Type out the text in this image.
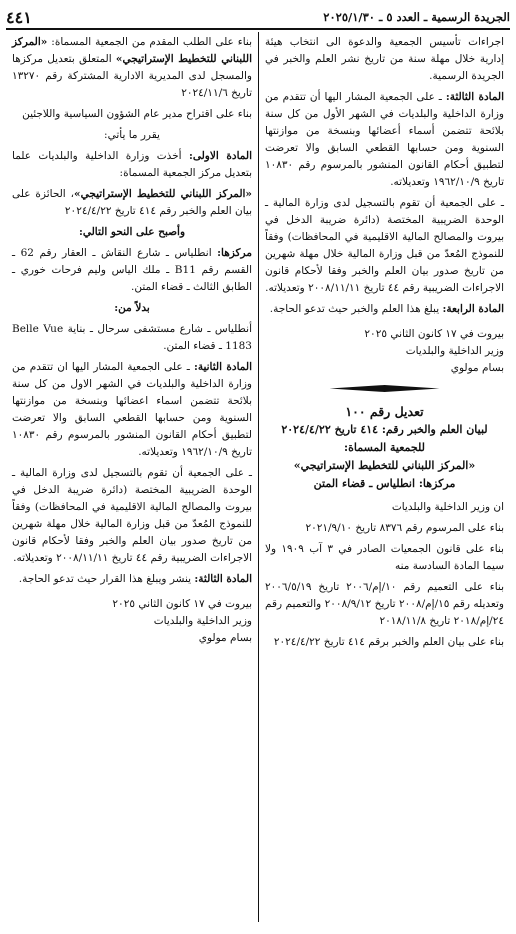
الجريدة الرسمية ـ العدد ٥ ـ ٢٠٢٥/١/٣٠
٤٤١

اجراءات تأسيس الجمعية والدعوة الى انتخاب هيئة إدارية خلال مهلة سنة من تاريخ نشر العلم والخبر في الجريدة الرسمية.

المادة الثالثة: ـ على الجمعية المشار اليها أن تتقدم من وزارة الداخلية والبلديات في الشهر الأول من كل سنة بلائحة تتضمن أسماء أعضائها وبنسخة من موازنتها السنوية ومن حسابها القطعي السابق والا تعرضت لتطبيق أحكام القانون المنشور بالمرسوم رقم ١٠٨٣٠ تاريخ ١٩٦٢/١٠/٩ وتعديلاته.

ـ على الجمعية أن تقوم بالتسجيل لدى وزارة المالية ـ الوحدة الضريبية المختصة (دائرة ضريبة الدخل في بيروت والمصالح المالية الاقليمية في المحافظات) وفقاً للنموذج المُعدّ من قبل وزارة المالية خلال مهلة شهرين من تاريخ صدور بيان العلم والخبر وفقا لأحكام قانون الاجراءات الضريبية رقم ٤٤ تاريخ ٢٠٠٨/١١/١١ وتعديلاته.

المادة الرابعة: يبلغ هذا العلم والخبر حيث تدعو الحاجة.

بيروت في ١٧ كانون الثاني ٢٠٢٥

وزير الداخلية والبلديات

بسام مولوي

تعديل رقم ١٠٠

لبيان العلم والخبر رقم: ٤١٤ تاريخ ٢٠٢٤/٤/٢٢

للجمعية المسماة:

«المركز اللبناني للتخطيط الإستراتيجي»

مركزها: انطلياس ـ قضاء المتن

ان وزير الداخلية والبلديات

بناء على المرسوم رقم ٨٣٧٦ تاريخ ٢٠٢١/٩/١٠

بناء على قانون الجمعيات الصادر في ٣ آب ١٩٠٩ ولا سيما المادة السادسة منه

بناء على التعميم رقم ١٠/إم/٢٠٠٦ تاريخ ٢٠٠٦/٥/١٩ وتعديله رقم ١٥/إم/٢٠٠٨ تاريخ ٢٠٠٨/٩/١٢ والتعميم رقم ٢٤/إم/٢٠١٨ تاريخ ٢٠١٨/١١/٨

بناء على بيان العلم والخبر برقم ٤١٤ تاريخ ٢٠٢٤/٤/٢٢

بناء على الطلب المقدم من الجمعية المسماة: «المركز اللبناني للتخطيط الإستراتيجي» المتعلق بتعديل مركزها والمسجل لدى المديرية الادارية المشتركة رقم ١٣٢٧٠ تاريخ ٢٠٢٤/١١/٦

بناء على اقتراح مدير عام الشؤون السياسية واللاجئين

يقرر ما يأتي:

المادة الاولى: أخذت وزارة الداخلية والبلديات علما بتعديل مركز الجمعية المسماة:

«المركز اللبناني للتخطيط الإستراتيجي»، الحائزة على بيان العلم والخبر رقم ٤١٤ تاريخ ٢٠٢٤/٤/٢٢

وأصبح على النحو التالي:

مركزها: انطلياس ـ شارع النقاش ـ العقار رقم 62 ـ القسم رقم B11 ـ ملك الياس وليم فرحات خوري ـ الطابق الثالث ـ قضاء المتن.

بدلاً من:

أنطلياس ـ شارع مستشفى سرحال ـ بناية Belle Vue 1183 ـ قضاء المتن.

المادة الثانية: ـ على الجمعية المشار اليها ان تتقدم من وزارة الداخلية والبلديات في الشهر الاول من كل سنة بلائحة تتضمن اسماء اعضائها وبنسخة من موازنتها السنوية ومن حسابها القطعي السابق والا تعرضت لتطبيق أحكام القانون المنشور بالمرسوم رقم ١٠٨٣٠ تاريخ ١٩٦٢/١٠/٩ وتعديلاته.

ـ على الجمعية أن تقوم بالتسجيل لدى وزارة المالية ـ الوحدة الضريبية المختصة (دائرة ضريبة الدخل في بيروت والمصالح المالية الاقليمية في المحافظات) وفقاً للنموذج المُعدّ من قبل وزارة المالية خلال مهلة شهرين من تاريخ صدور بيان العلم والخبر وفقا لأحكام قانون الاجراءات الضريبية رقم ٤٤ تاريخ ٢٠٠٨/١١/١١ وتعديلاته.

المادة الثالثة: ينشر ويبلغ هذا القرار حيث تدعو الحاجة.

بيروت في ١٧ كانون الثاني ٢٠٢٥

وزير الداخلية والبلديات

بسام مولوي
